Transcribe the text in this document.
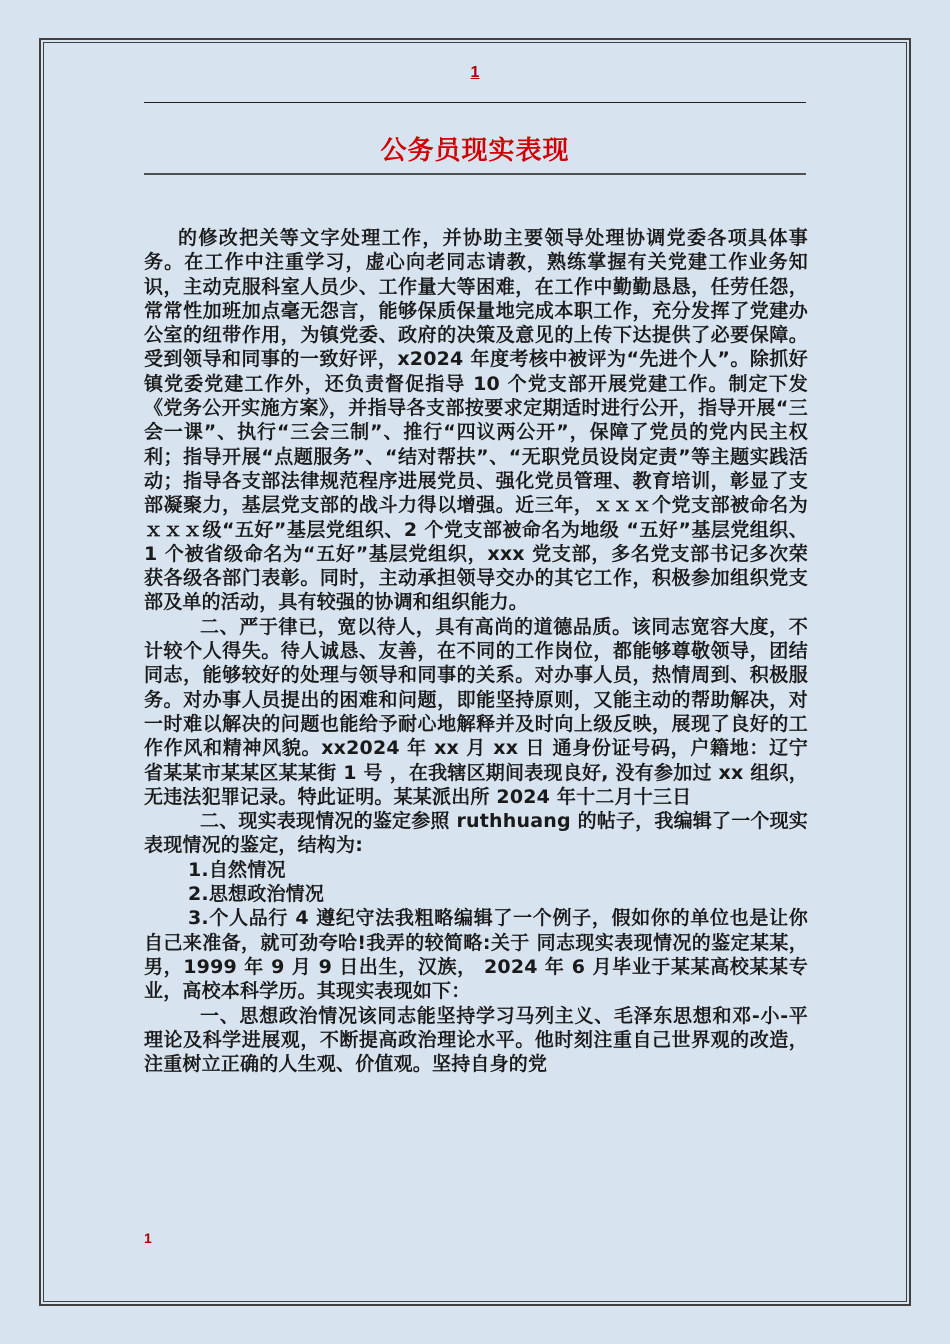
1
公务员现实表现

的修改把关等文字处理工作，并协助主要领导处理协调党委各项具体事务。在工作中注重学习，虚心向老同志请教，熟练掌握有关党建工作业务知识，主动克服科室人员少、工作量大等困难，在工作中勤勤恳恳，任劳任怨，常常性加班加点毫无怨言，能够保质保量地完成本职工作，充分发挥了党建办公室的纽带作用，为镇党委、政府的决策及意见的上传下达提供了必要保障。受到领导和同事的一致好评，x2024 年度考核中被评为“先进个人”。除抓好镇党委党建工作外，还负责督促指导 10 个党支部开展党建工作。制定下发《党务公开实施方案》，并指导各支部按要求定期适时进行公开，指导开展“三会一课”、执行“三会三制”、推行“四议两公开”，保障了党员的党内民主权利；指导开展“点题服务”、“结对帮扶”、“无职党员设岗定责”等主题实践活动；指导各支部法律规范程序进展党员、强化党员管理、教育培训，彰显了支部凝聚力，基层党支部的战斗力得以增强。近三年，ｘｘｘ个党支部被命名为ｘｘｘ级“五好”基层党组织、2 个党支部被命名为地级 “五好”基层党组织、1 个被省级命名为“五好”基层党组织，xxx 党支部，多名党支部书记多次荣获各级各部门表彰。同时，主动承担领导交办的其它工作，积极参加组织党支部及单的活动，具有较强的协调和组织能力。

二、严于律已，宽以待人，具有高尚的道德品质。该同志宽容大度，不计较个人得失。待人诚恳、友善，在不同的工作岗位，都能够尊敬领导，团结同志，能够较好的处理与领导和同事的关系。对办事人员，热情周到、积极服务。对办事人员提出的困难和问题，即能坚持原则，又能主动的帮助解决，对一时难以解决的问题也能给予耐心地解释并及时向上级反映，展现了良好的工作作风和精神风貌。xx2024 年 xx 月 xx 日 通身份证号码，户籍地：辽宁省某某市某某区某某街 1 号 ，在我辖区期间表现良好, 没有参加过 xx 组织，无违法犯罪记录。特此证明。某某派出所 2024 年十二月十三日

二、现实表现情况的鉴定参照 ruthhuang 的帖子，我编辑了一个现实表现情况的鉴定，结构为:

1.自然情况

2.思想政治情况

3.个人品行 4 遵纪守法我粗略编辑了一个例子，假如你的单位也是让你自己来准备，就可劲夸哈!我弄的较简略:关于 同志现实表现情况的鉴定某某，男，1999 年 9 月 9 日出生，汉族， 2024 年 6 月毕业于某某高校某某专业，高校本科学历。其现实表现如下：

一、思想政治情况该同志能坚持学习马列主义、毛泽东思想和邓-小-平理论及科学进展观，不断提高政治理论水平。他时刻注重自己世界观的改造，注重树立正确的人生观、价值观。坚持自身的党

1
